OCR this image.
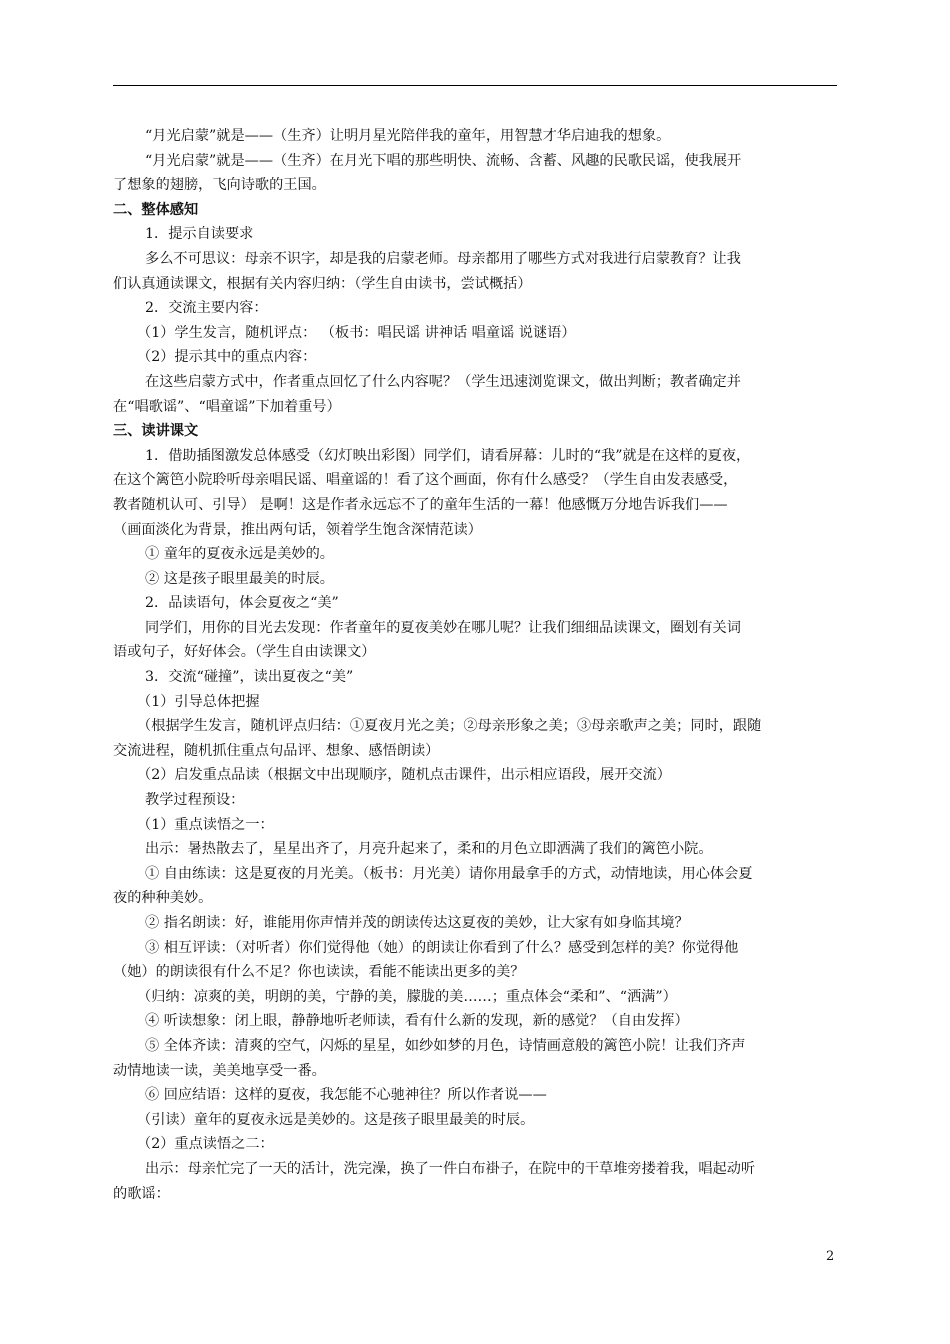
“月光启蒙”就是——（生齐）让明月星光陪伴我的童年，用智慧才华启迪我的想象。
“月光启蒙”就是——（生齐）在月光下唱的那些明快、流畅、含蓄、风趣的民歌民谣，使我展开
了想象的翅膀，飞向诗歌的王国。
二、整体感知
1．提示自读要求
多么不可思议：母亲不识字，却是我的启蒙老师。母亲都用了哪些方式对我进行启蒙教育？让我
们认真通读课文，根据有关内容归纳：（学生自由读书，尝试概括）
2．交流主要内容：
（1）学生发言，随机评点： （板书：唱民谣 讲神话 唱童谣 说谜语）
（2）提示其中的重点内容：
在这些启蒙方式中，作者重点回忆了什么内容呢？（学生迅速浏览课文，做出判断；教者确定并
在“唱歌谣”、“唱童谣”下加着重号）
三、读讲课文
1．借助插图激发总体感受（幻灯映出彩图）同学们，请看屏幕：儿时的“我”就是在这样的夏夜，
在这个篱笆小院聆听母亲唱民谣、唱童谣的！看了这个画面，你有什么感受？（学生自由发表感受，
教者随机认可、引导） 是啊！这是作者永远忘不了的童年生活的一幕！他感慨万分地告诉我们——
（画面淡化为背景，推出两句话，领着学生饱含深情范读）
① 童年的夏夜永远是美妙的。
② 这是孩子眼里最美的时辰。
2．品读语句，体会夏夜之“美”
同学们，用你的目光去发现：作者童年的夏夜美妙在哪儿呢？让我们细细品读课文，圈划有关词
语或句子，好好体会。（学生自由读课文）
3．交流“碰撞”，读出夏夜之“美”
（1）引导总体把握
（根据学生发言，随机评点归结：①夏夜月光之美；②母亲形象之美；③母亲歌声之美；同时，跟随
交流进程，随机抓住重点句品评、想象、感悟朗读）
（2）启发重点品读（根据文中出现顺序，随机点击课件，出示相应语段，展开交流）
教学过程预设：
（1）重点读悟之一：
出示：暑热散去了，星星出齐了，月亮升起来了，柔和的月色立即洒满了我们的篱笆小院。
① 自由练读：这是夏夜的月光美。（板书：月光美）请你用最拿手的方式，动情地读，用心体会夏
夜的种种美妙。
② 指名朗读：好，谁能用你声情并茂的朗读传达这夏夜的美妙，让大家有如身临其境？
③ 相互评读：（对听者）你们觉得他（她）的朗读让你看到了什么？感受到怎样的美？你觉得他
（她）的朗读很有什么不足？你也读读，看能不能读出更多的美？
（归纳：凉爽的美，明朗的美，宁静的美，朦胧的美……；重点体会“柔和”、“洒满”）
④ 听读想象：闭上眼，静静地听老师读，看有什么新的发现，新的感觉？（自由发挥）
⑤ 全体齐读：清爽的空气，闪烁的星星，如纱如梦的月色，诗情画意般的篱笆小院！让我们齐声
动情地读一读，美美地享受一番。
⑥ 回应结语：这样的夏夜，我怎能不心驰神往？所以作者说——
（引读）童年的夏夜永远是美妙的。这是孩子眼里最美的时辰。
（2）重点读悟之二：
出示：母亲忙完了一天的活计，洗完澡，换了一件白布褂子，在院中的干草堆旁搂着我，唱起动听
的歌谣：
2
